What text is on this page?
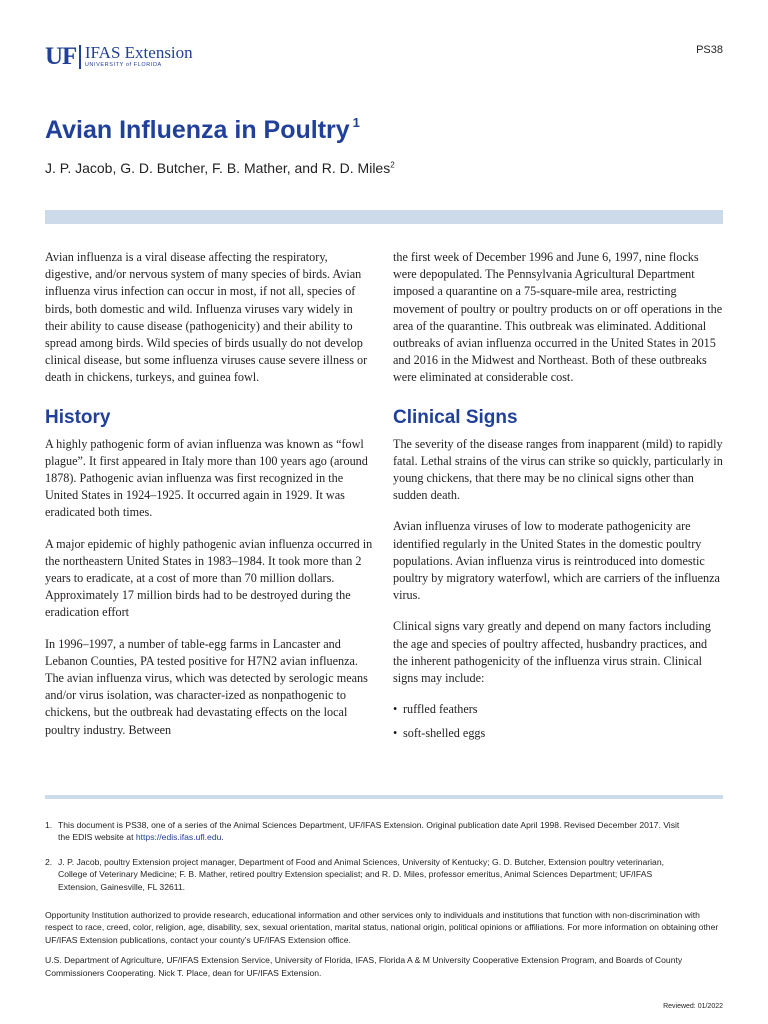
UF IFAS Extension
UNIVERSITY of FLORIDA
PS38
Avian Influenza in Poultry $^1$
J. P. Jacob, G. D. Butcher, F. B. Mather, and R. D. Miles$^2$

Avian influenza is a viral disease affecting the respiratory, digestive, and/or nervous system of many species of birds. Avian influenza virus infection can occur in most, if not all, species of birds, both domestic and wild. Influenza viruses vary widely in their ability to cause disease (pathogenicity) and their ability to spread among birds. Wild species of birds usually do not develop clinical disease, but some influenza viruses cause severe illness or death in chickens, turkeys, and guinea fowl.

History

A highly pathogenic form of avian influenza was known as “fowl plague”. It first appeared in Italy more than 100 years ago (around 1878). Pathogenic avian influenza was first recognized in the United States in 1924–1925. It occurred again in 1929. It was eradicated both times.

A major epidemic of highly pathogenic avian influenza occurred in the northeastern United States in 1983–1984. It took more than 2 years to eradicate, at a cost of more than 70 million dollars. Approximately 17 million birds had to be destroyed during the eradication effort

In 1996–1997, a number of table-egg farms in Lancaster and Lebanon Counties, PA tested positive for H7N2 avian influenza. The avian influenza virus, which was detected by serologic means and/or virus isolation, was character-ized as nonpathogenic to chickens, but the outbreak had devastating effects on the local poultry industry. Between

the first week of December 1996 and June 6, 1997, nine flocks were depopulated. The Pennsylvania Agricultural Department imposed a quarantine on a 75-square-mile area, restricting movement of poultry or poultry products on or off operations in the area of the quarantine. This outbreak was eliminated. Additional outbreaks of avian influenza occurred in the United States in 2015 and 2016 in the Midwest and Northeast. Both of these outbreaks were eliminated at considerable cost.

Clinical Signs

The severity of the disease ranges from inapparent (mild) to rapidly fatal. Lethal strains of the virus can strike so quickly, particularly in young chickens, that there may be no clinical signs other than sudden death.

Avian influenza viruses of low to moderate pathogenicity are identified regularly in the United States in the domestic poultry populations. Avian influenza virus is reintroduced into domestic poultry by migratory waterfowl, which are carriers of the influenza virus.

Clinical signs vary greatly and depend on many factors including the age and species of poultry affected, husbandry practices, and the inherent pathogenicity of the influenza virus strain. Clinical signs may include:

• ruffled feathers
• soft-shelled eggs
1. This document is PS38, one of a series of the Animal Sciences Department, UF/IFAS Extension. Original publication date April 1998. Revised December 2017. Visit the EDIS website at https://edis.ifas.ufl.edu.
2. J. P. Jacob, poultry Extension project manager, Department of Food and Animal Sciences, University of Kentucky; G. D. Butcher, Extension poultry veterinarian, College of Veterinary Medicine; F. B. Mather, retired poultry Extension specialist; and R. D. Miles, professor emeritus, Animal Sciences Department; UF/IFAS Extension, Gainesville, FL 32611.

Opportunity Institution authorized to provide research, educational information and other services only to individuals and institutions that function with non-discrimination with respect to race, creed, color, religion, age, disability, sex, sexual orientation, marital status, national origin, political opinions or affiliations. For more information on obtaining other UF/IFAS Extension publications, contact your county’s UF/IFAS Extension office.

U.S. Department of Agriculture, UF/IFAS Extension Service, University of Florida, IFAS, Florida A & M University Cooperative Extension Program, and Boards of County Commissioners Cooperating. Nick T. Place, dean for UF/IFAS Extension.

Reviewed: 01/2022
